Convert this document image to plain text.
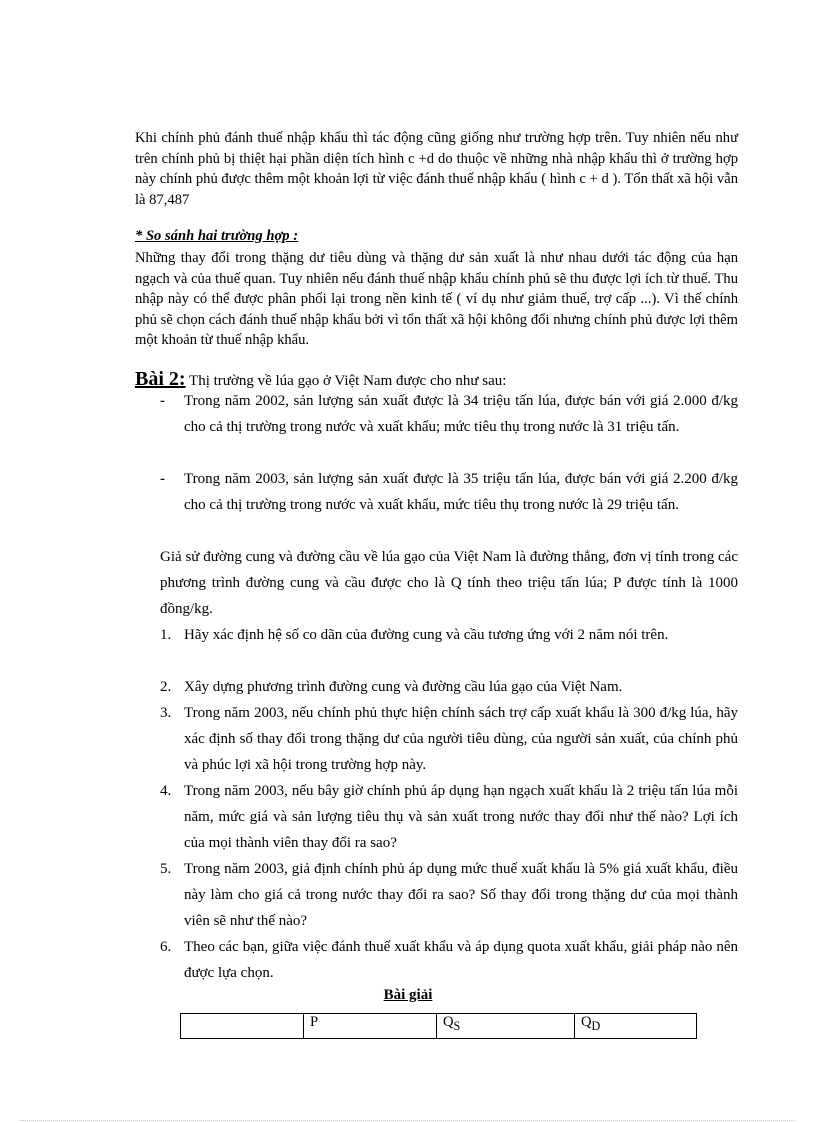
Khi chính phủ đánh thuế nhập khẩu thì tác động cũng giống như trường hợp trên. Tuy nhiên nếu như trên chính phủ bị thiệt hại phần diện tích hình c +d do thuộc về những nhà nhập khẩu thì ở trường hợp này chính phủ được thêm một khoản lợi từ việc đánh thuế nhập khẩu ( hình c + d ). Tổn thất xã hội vẫn là 87,487

* So sánh hai trường hợp :

Những thay đổi trong thặng dư tiêu dùng và thặng dư sản xuất là như nhau dưới tác động của hạn ngạch và của thuế quan. Tuy nhiên nếu đánh thuế nhập khẩu chính phủ sẽ thu được lợi ích từ thuế. Thu nhập này có thể được phân phối lại trong nền kinh tế ( ví dụ như giảm thuế, trợ cấp ...). Vì thế chính phủ sẽ chọn cách đánh thuế nhập khẩu bởi vì tổn thất xã hội không đổi nhưng chính phủ được lợi thêm một khoản từ thuế nhập khẩu.

Bài 2: Thị trường về lúa gạo ở Việt Nam được cho như sau:

- Trong năm 2002, sản lượng sản xuất được là 34 triệu tấn lúa, được bán với giá 2.000 đ/kg cho cả thị trường trong nước và xuất khẩu; mức tiêu thụ trong nước là 31 triệu tấn.
- Trong năm 2003, sản lượng sản xuất được là 35 triệu tấn lúa, được bán với giá 2.200 đ/kg cho cả thị trường trong nước và xuất khẩu, mức tiêu thụ trong nước là 29 triệu tấn.

Giả sử đường cung và đường cầu về lúa gạo của Việt Nam là đường thẳng, đơn vị tính trong các phương trình đường cung và cầu được cho là Q tính theo triệu tấn lúa; P được tính là 1000 đồng/kg.

1. Hãy xác định hệ số co dãn của đường cung và cầu tương ứng với 2 năm nói trên.
2. Xây dựng phương trình đường cung và đường cầu lúa gạo của Việt Nam.
3. Trong năm 2003, nếu chính phủ thực hiện chính sách trợ cấp xuất khẩu là 300 đ/kg lúa, hãy xác định số thay đổi trong thặng dư của người tiêu dùng, của người sản xuất, của chính phủ và phúc lợi xã hội trong trường hợp này.
4. Trong năm 2003, nếu bây giờ chính phủ áp dụng hạn ngạch xuất khẩu là 2 triệu tấn lúa mỗi năm, mức giá và sản lượng tiêu thụ và sản xuất trong nước thay đổi như thế nào? Lợi ích của mọi thành viên thay đổi ra sao?
5. Trong năm 2003, giả định chính phủ áp dụng mức thuế xuất khẩu là 5% giá xuất khẩu, điều này làm cho giá cả trong nước thay đổi ra sao? Số thay đổi trong thặng dư của mọi thành viên sẽ như thế nào?
6. Theo các bạn, giữa việc đánh thuế xuất khẩu và áp dụng quota xuất khẩu, giải pháp nào nên được lựa chọn.

Bài giải

	P	$Q_S$	$Q_D$
